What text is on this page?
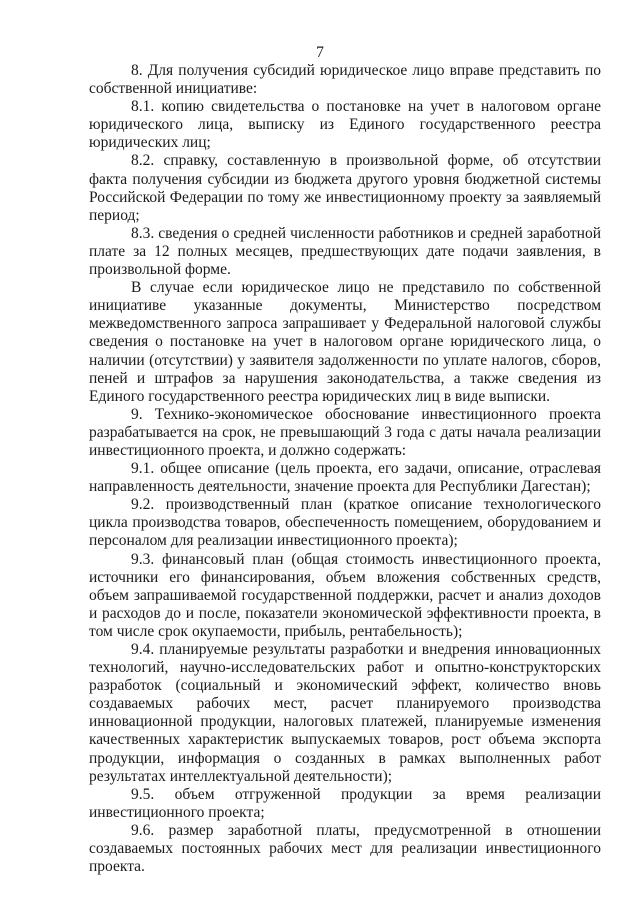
7

8. Для получения субсидий юридическое лицо вправе представить по собственной инициативе:

8.1. копию свидетельства о постановке на учет в налоговом органе юридического лица, выписку из Единого государственного реестра юридических лиц;

8.2. справку, составленную в произвольной форме, об отсутствии факта получения субсидии из бюджета другого уровня бюджетной системы Российской Федерации по тому же инвестиционному проекту за заявляемый период;

8.3. сведения о средней численности работников и средней заработной плате за 12 полных месяцев, предшествующих дате подачи заявления, в произвольной форме.

В случае если юридическое лицо не представило по собственной инициативе указанные документы, Министерство посредством межведомственного запроса запрашивает у Федеральной налоговой службы сведения о постановке на учет в налоговом органе юридического лица, о наличии (отсутствии) у заявителя задолженности по уплате налогов, сборов, пеней и штрафов за нарушения законодательства, а также сведения из Единого государственного реестра юридических лиц в виде выписки.

9. Технико-экономическое обоснование инвестиционного проекта разрабатывается на срок, не превышающий 3 года с даты начала реализации инвестиционного проекта, и должно содержать:

9.1. общее описание (цель проекта, его задачи, описание, отраслевая направленность деятельности, значение проекта для Республики Дагестан);

9.2. производственный план (краткое описание технологического цикла производства товаров, обеспеченность помещением, оборудованием и персоналом для реализации инвестиционного проекта);

9.3. финансовый план (общая стоимость инвестиционного проекта, источники его финансирования, объем вложения собственных средств, объем запрашиваемой государственной поддержки, расчет и анализ доходов и расходов до и после, показатели экономической эффективности проекта, в том числе срок окупаемости, прибыль, рентабельность);

9.4. планируемые результаты разработки и внедрения инновационных технологий, научно-исследовательских работ и опытно-конструкторских разработок (социальный и экономический эффект, количество вновь создаваемых рабочих мест, расчет планируемого производства инновационной продукции, налоговых платежей, планируемые изменения качественных характеристик выпускаемых товаров, рост объема экспорта продукции, информация о созданных в рамках выполненных работ результатах интеллектуальной деятельности);

9.5. объем отгруженной продукции за время реализации инвестиционного проекта;

9.6. размер заработной платы, предусмотренной в отношении создаваемых постоянных рабочих мест для реализации инвестиционного проекта.
